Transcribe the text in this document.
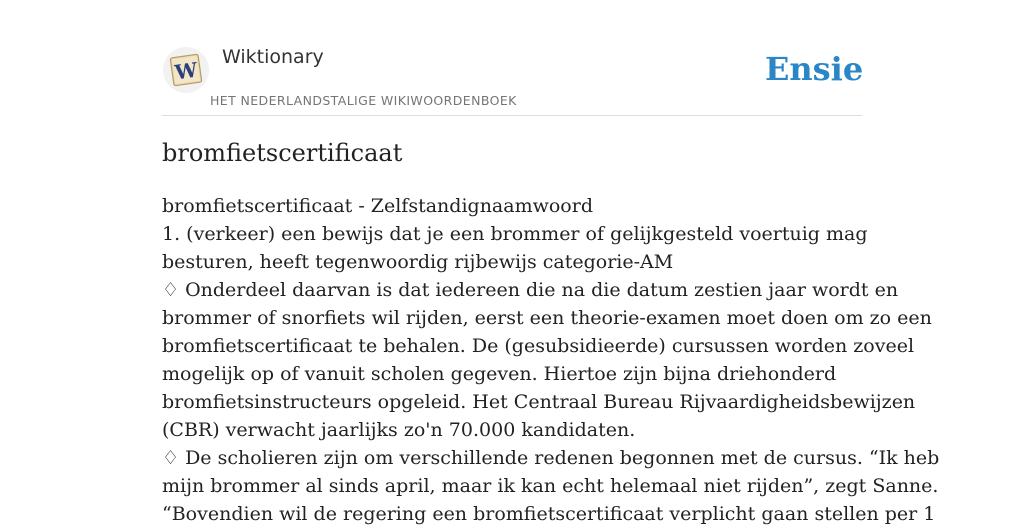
W
Wiktionary
HET NEDERLANDSTALIGE WIKIWOORDENBOEK
Ensie
bromfietscertificaat
bromfietscertificaat - Zelfstandignaamwoord
1. (verkeer) een bewijs dat je een brommer of gelijkgesteld voertuig mag
besturen, heeft tegenwoordig rijbewijs categorie-AM
♢ Onderdeel daarvan is dat iedereen die na die datum zestien jaar wordt en
brommer of snorfiets wil rijden, eerst een theorie-examen moet doen om zo een
bromfietscertificaat te behalen. De (gesubsidieerde) cursussen worden zoveel
mogelijk op of vanuit scholen gegeven. Hiertoe zijn bijna driehonderd
bromfietsinstructeurs opgeleid. Het Centraal Bureau Rijvaardigheidsbewijzen
(CBR) verwacht jaarlijks zo'n 70.000 kandidaten.
♢ De scholieren zijn om verschillende redenen begonnen met de cursus. “Ik heb
mijn brommer al sinds april, maar ik kan echt helemaal niet rijden”, zegt Sanne.
“Bovendien wil de regering een bromfietscertificaat verplicht gaan stellen per 1
